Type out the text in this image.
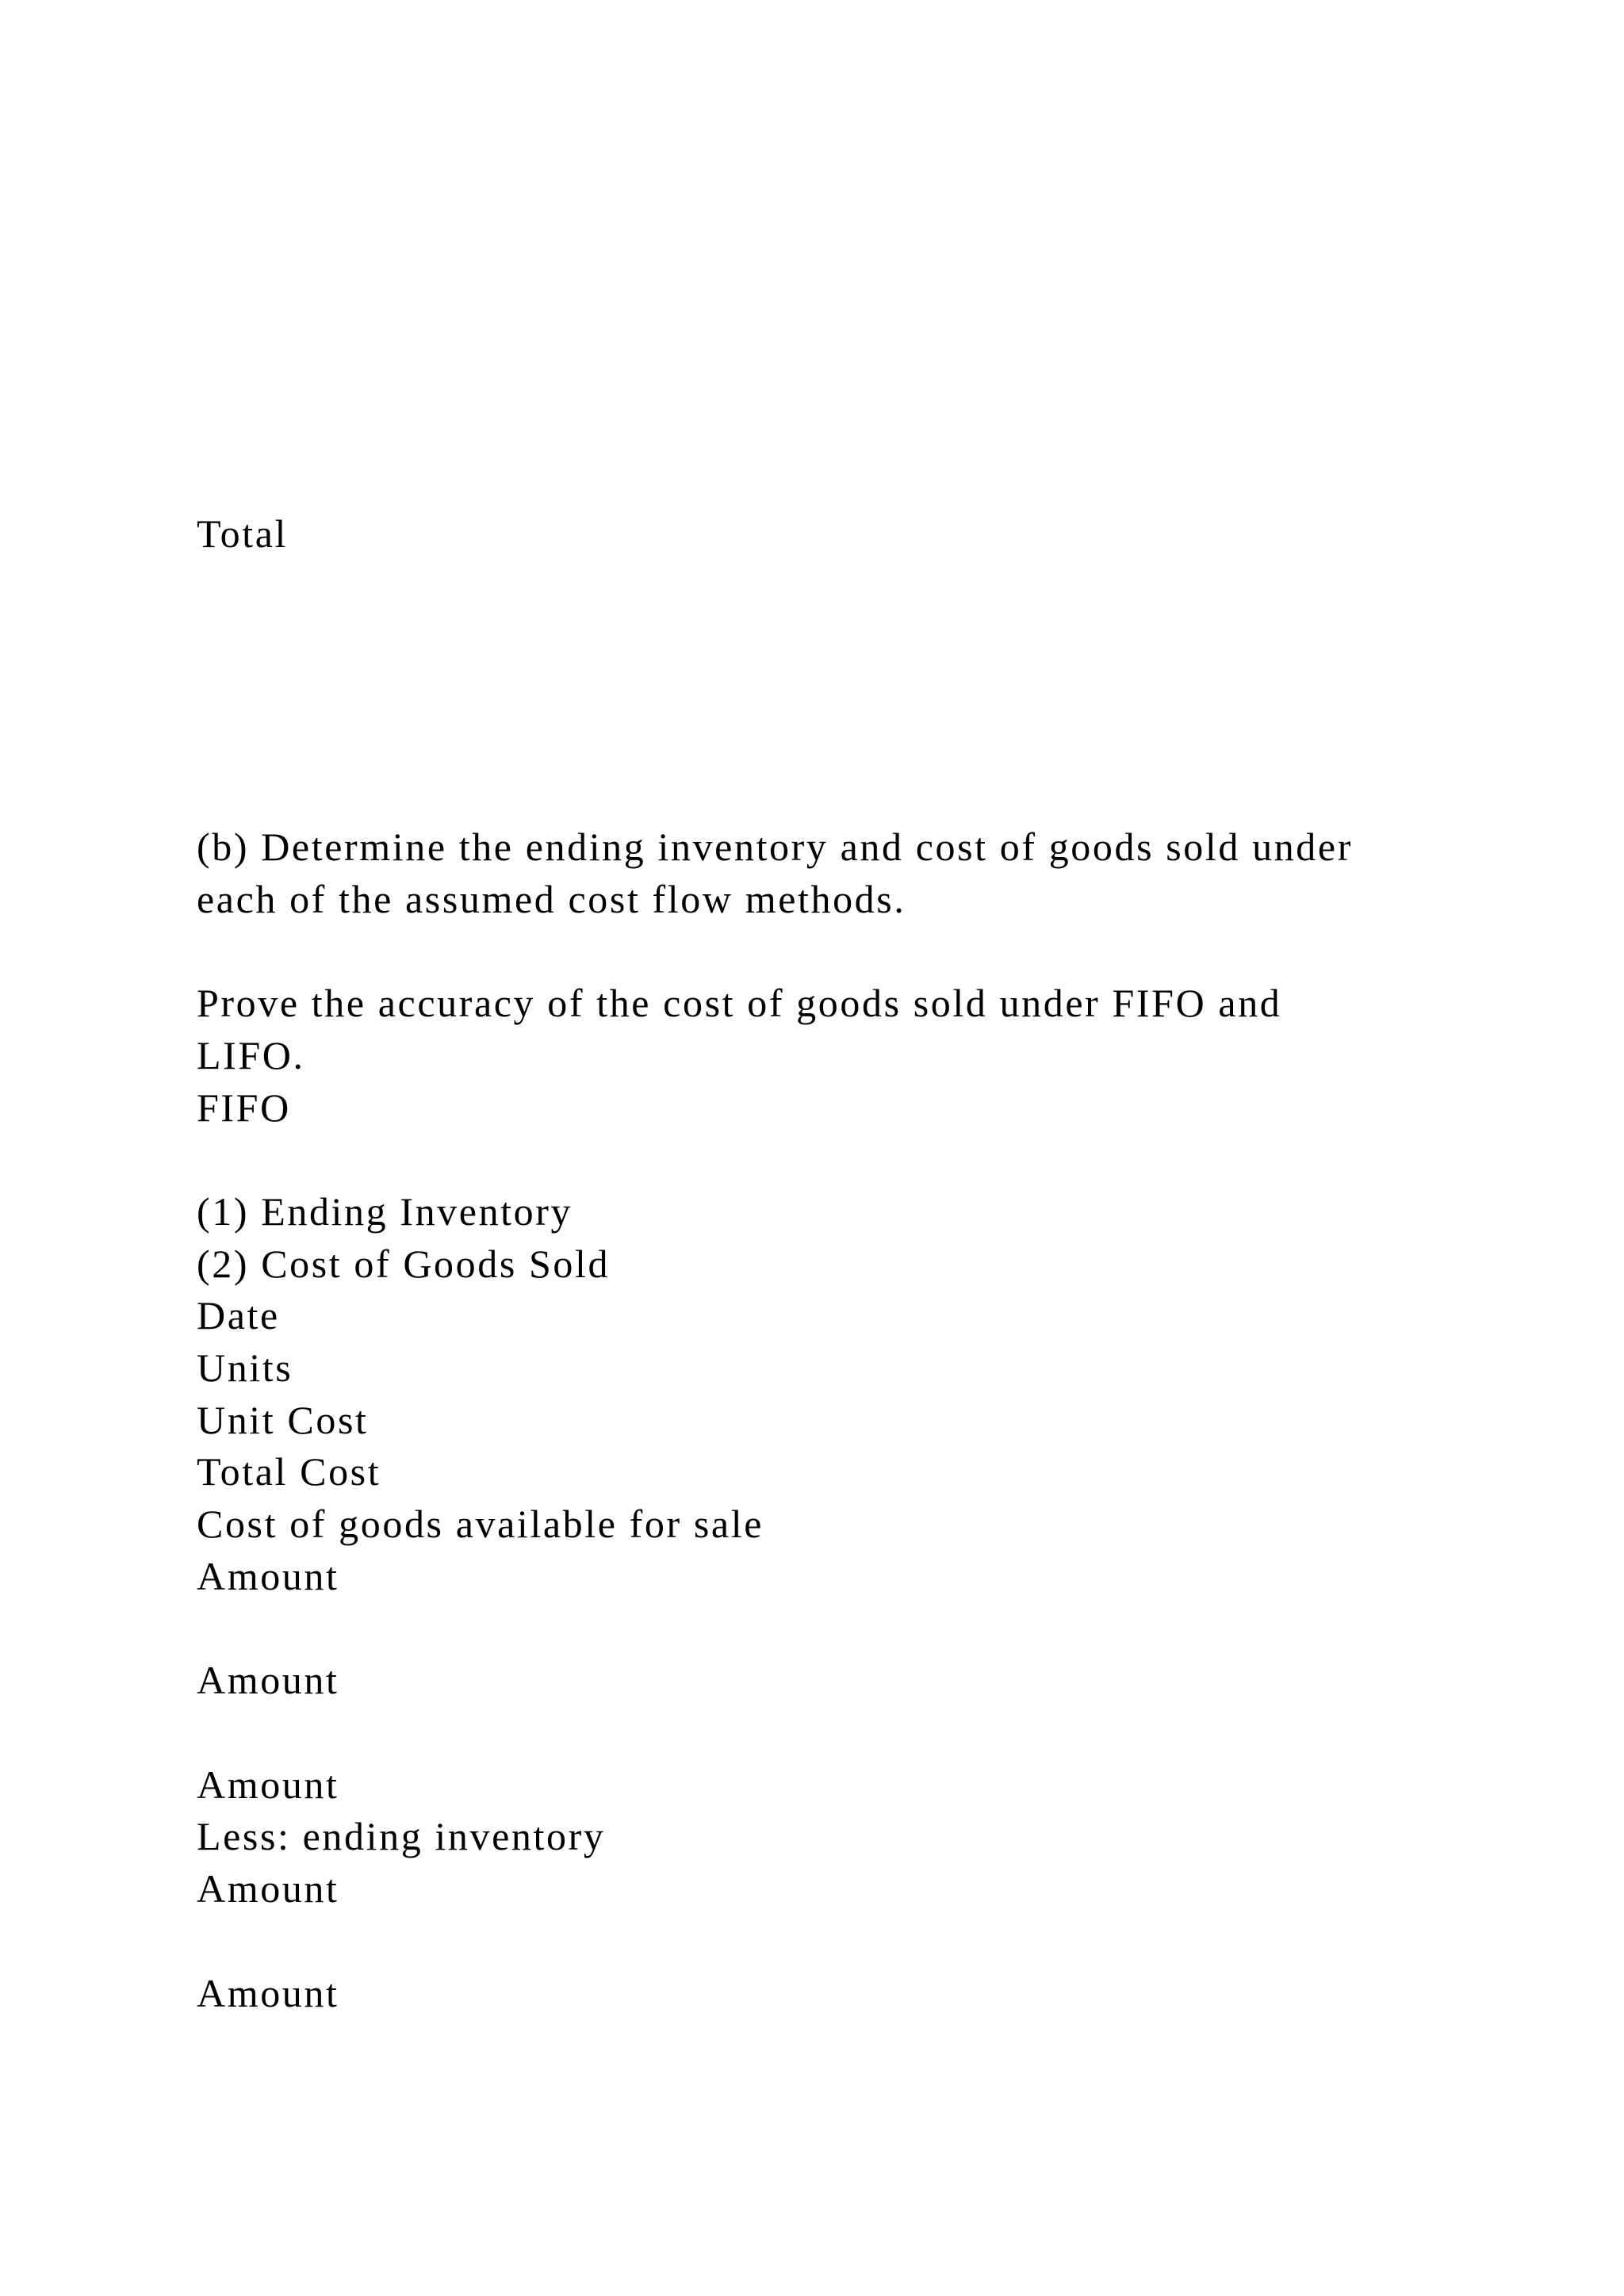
Total
(b) Determine the ending inventory and cost of goods sold under
each of the assumed cost flow methods.
Prove the accuracy of the cost of goods sold under FIFO and
LIFO.
FIFO
(1) Ending Inventory
(2) Cost of Goods Sold
Date
Units
Unit Cost
Total Cost
Cost of goods available for sale
Amount
Amount
Amount
Less: ending inventory
Amount
Amount
